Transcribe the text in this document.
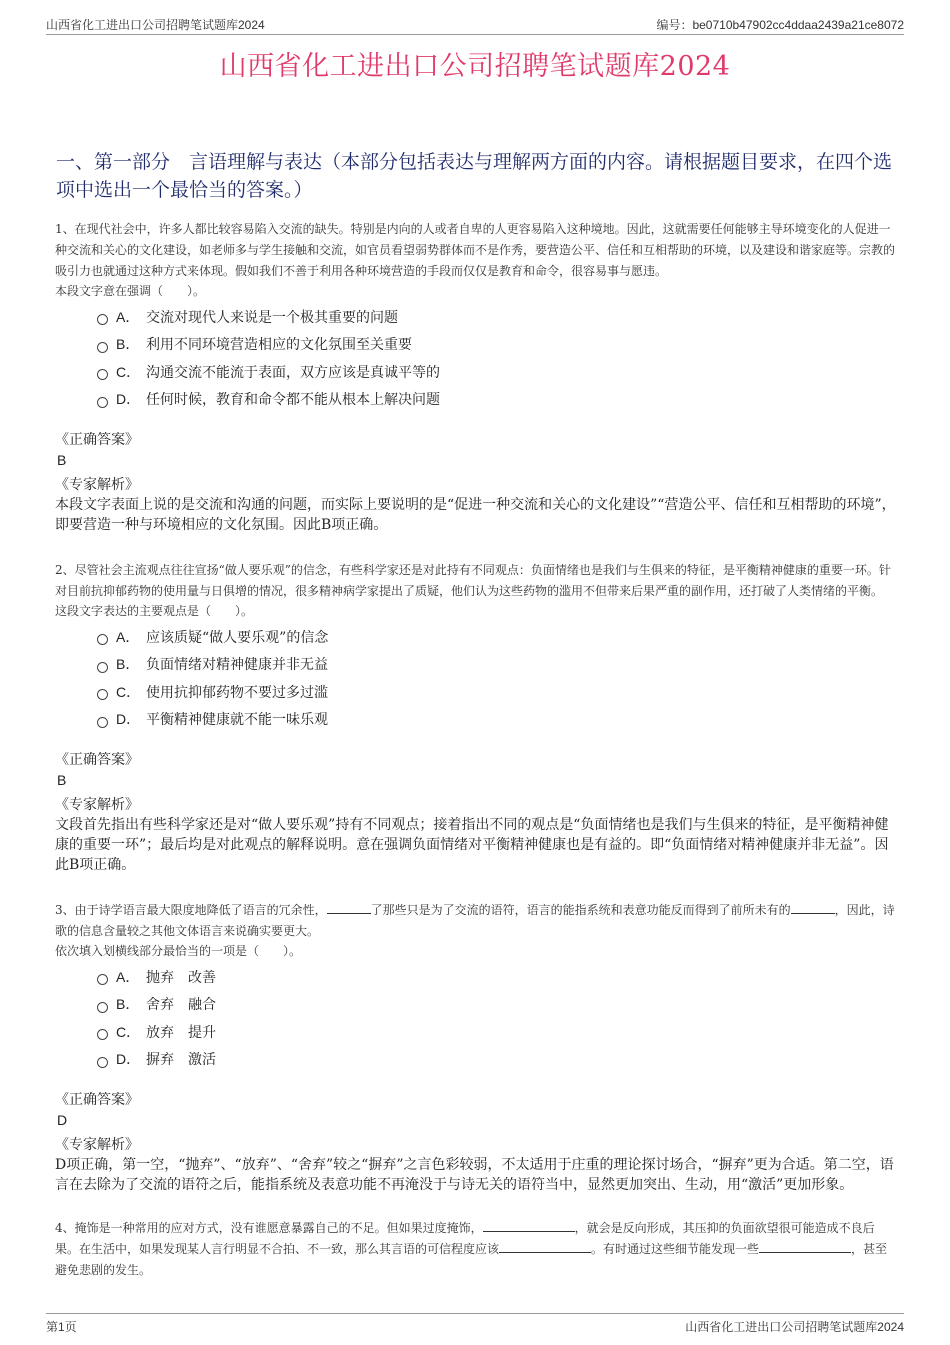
山西省化工进出口公司招聘笔试题库2024	编号：be0710b47902cc4ddaa2439a21ce8072
山西省化工进出口公司招聘笔试题库2024
一、第一部分　言语理解与表达（本部分包括表达与理解两方面的内容。请根据题目要求，在四个选项中选出一个最恰当的答案。）
1、在现代社会中，许多人都比较容易陷入交流的缺失。特别是内向的人或者自卑的人更容易陷入这种境地。因此，这就需要任何能够主导环境变化的人促进一种交流和关心的文化建设，如老师多与学生接触和交流，如官员看望弱势群体而不是作秀，要营造公平、信任和互相帮助的环境，以及建设和谐家庭等。宗教的吸引力也就通过这种方式来体现。假如我们不善于利用各种环境营造的手段而仅仅是教育和命令，很容易事与愿违。
本段文字意在强调（　　）。
A． 交流对现代人来说是一个极其重要的问题
B． 利用不同环境营造相应的文化氛围至关重要
C． 沟通交流不能流于表面，双方应该是真诚平等的
D． 任何时候，教育和命令都不能从根本上解决问题
《正确答案》
B
《专家解析》
本段文字表面上说的是交流和沟通的问题，而实际上要说明的是“促进一种交流和关心的文化建设”“营造公平、信任和互相帮助的环境”，即要营造一种与环境相应的文化氛围。因此B项正确。
2、尽管社会主流观点往往宣扬“做人要乐观”的信念，有些科学家还是对此持有不同观点：负面情绪也是我们与生俱来的特征，是平衡精神健康的重要一环。针对目前抗抑郁药物的使用量与日俱增的情况，很多精神病学家提出了质疑，他们认为这些药物的滥用不但带来后果严重的副作用，还打破了人类情绪的平衡。
这段文字表达的主要观点是（　　）。
A． 应该质疑“做人要乐观”的信念
B． 负面情绪对精神健康并非无益
C． 使用抗抑郁药物不要过多过滥
D． 平衡精神健康就不能一味乐观
《正确答案》
B
《专家解析》
文段首先指出有些科学家还是对“做人要乐观”持有不同观点；接着指出不同的观点是“负面情绪也是我们与生俱来的特征，是平衡精神健康的重要一环”；最后均是对此观点的解释说明。意在强调负面情绪对平衡精神健康也是有益的。即“负面情绪对精神健康并非无益”。因此B项正确。
3、由于诗学语言最大限度地降低了语言的冗余性，	了那些只是为了交流的语符，语言的能指系统和表意功能反而得到了前所未有的	，因此，诗歌的信息含量较之其他文体语言来说确实要更大。
依次填入划横线部分最恰当的一项是（　　）。
A． 抛弃　改善
B． 舍弃　融合
C． 放弃　提升
D． 摒弃　激活
《正确答案》
D
《专家解析》
D项正确，第一空，“抛弃”、“放弃”、“舍弃”较之“摒弃”之言色彩较弱，不太适用于庄重的理论探讨场合，“摒弃”更为合适。第二空，语言在去除为了交流的语符之后，能指系统及表意功能不再淹没于与诗无关的语符当中，显然更加突出、生动，用“激活”更加形象。
4、掩饰是一种常用的应对方式，没有谁愿意暴露自己的不足。但如果过度掩饰，	，就会是反向形成，其压抑的负面欲望很可能造成不良后果。在生活中，如果发现某人言行明显不合拍、不一致，那么其言语的可信程度应该	。有时通过这些细节能发现一些	，甚至避免悲剧的发生。
第1页	山西省化工进出口公司招聘笔试题库2024
